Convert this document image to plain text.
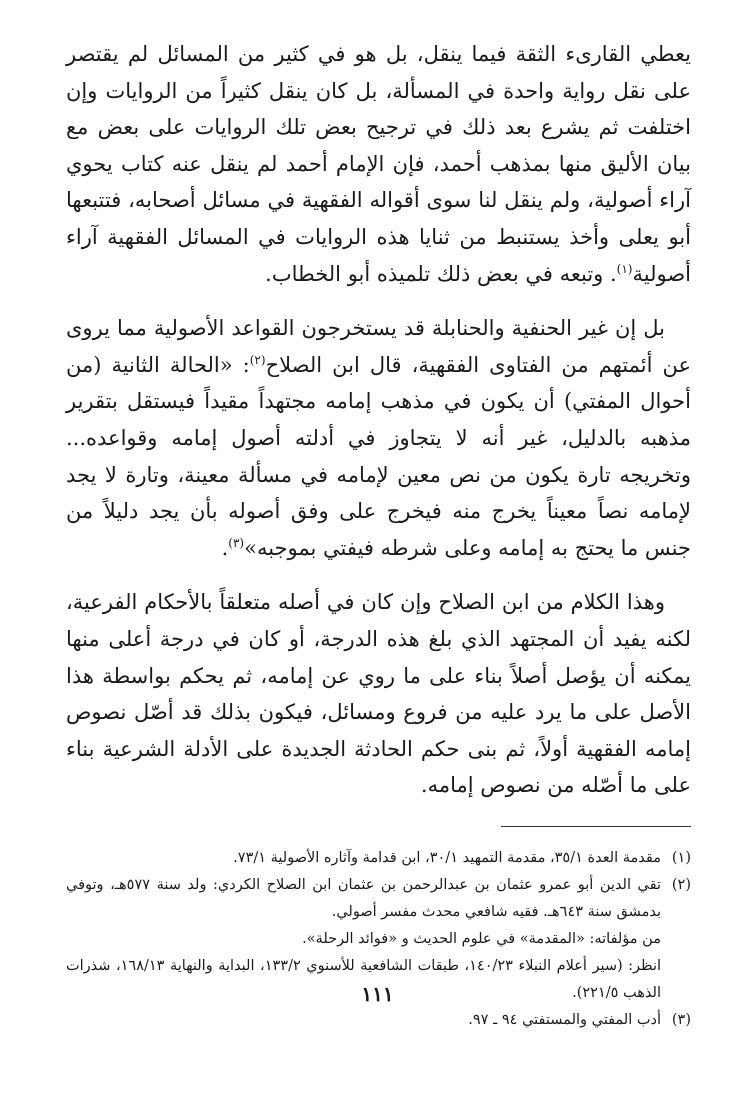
يعطي القارىء الثقة فيما ينقل، بل هو في كثير من المسائل لم يقتصر على نقل رواية واحدة في المسألة، بل كان ينقل كثيراً من الروايات وإن اختلفت ثم يشرع بعد ذلك في ترجيح بعض تلك الروايات على بعض مع بيان الأليق منها بمذهب أحمد، فإن الإمام أحمد لم ينقل عنه كتاب يحوي آراء أصولية، ولم ينقل لنا سوى أقواله الفقهية في مسائل أصحابه، فتتبعها أبو يعلى وأخذ يستنبط من ثنايا هذه الروايات في المسائل الفقهية آراء أصولية$^{(١)}$. وتبعه في بعض ذلك تلميذه أبو الخطاب.

بل إن غير الحنفية والحنابلة قد يستخرجون القواعد الأصولية مما يروى عن أئمتهم من الفتاوى الفقهية، قال ابن الصلاح$^{(٢)}$: «الحالة الثانية (من أحوال المفتي) أن يكون في مذهب إمامه مجتهداً مقيداً فيستقل بتقرير مذهبه بالدليل، غير أنه لا يتجاوز في أدلته أصول إمامه وقواعده... وتخريجه تارة يكون من نص معين لإمامه في مسألة معينة، وتارة لا يجد لإمامه نصاً معيناً يخرج منه فيخرج على وفق أصوله بأن يجد دليلاً من جنس ما يحتج به إمامه وعلى شرطه فيفتي بموجبه»$^{(٣)}$.

وهذا الكلام من ابن الصلاح وإن كان في أصله متعلقاً بالأحكام الفرعية، لكنه يفيد أن المجتهد الذي بلغ هذه الدرجة، أو كان في درجة أعلى منها يمكنه أن يؤصل أصلاً بناء على ما روي عن إمامه، ثم يحكم بواسطة هذا الأصل على ما يرد عليه من فروع ومسائل، فيكون بذلك قد أصّل نصوص إمامه الفقهية أولاً، ثم بنى حكم الحادثة الجديدة على الأدلة الشرعية بناء على ما أصّله من نصوص إمامه.

(١)
مقدمة العدة ٣٥/١، مقدمة التمهيد ٣٠/١، ابن قدامة وآثاره الأصولية ٧٣/١.
(٢)
تقي الدين أبو عمرو عثمان بن عبدالرحمن بن عثمان ابن الصلاح الكردي: ولد سنة ٥٧٧هـ، وتوفي بدمشق سنة ٦٤٣هـ. فقيه شافعي محدث مفسر أصولي.
من مؤلفاته: «المقدمة» في علوم الحديث و «فوائد الرحلة».
انظر: (سير أعلام النبلاء ١٤٠/٢٣، طبقات الشافعية للأسنوي ١٣٣/٢، البداية والنهاية ١٦٨/١٣، شذرات الذهب ٢٢١/٥).
(٣)
أدب المفتي والمستفتي ٩٤ ـ ٩٧.
١١١
